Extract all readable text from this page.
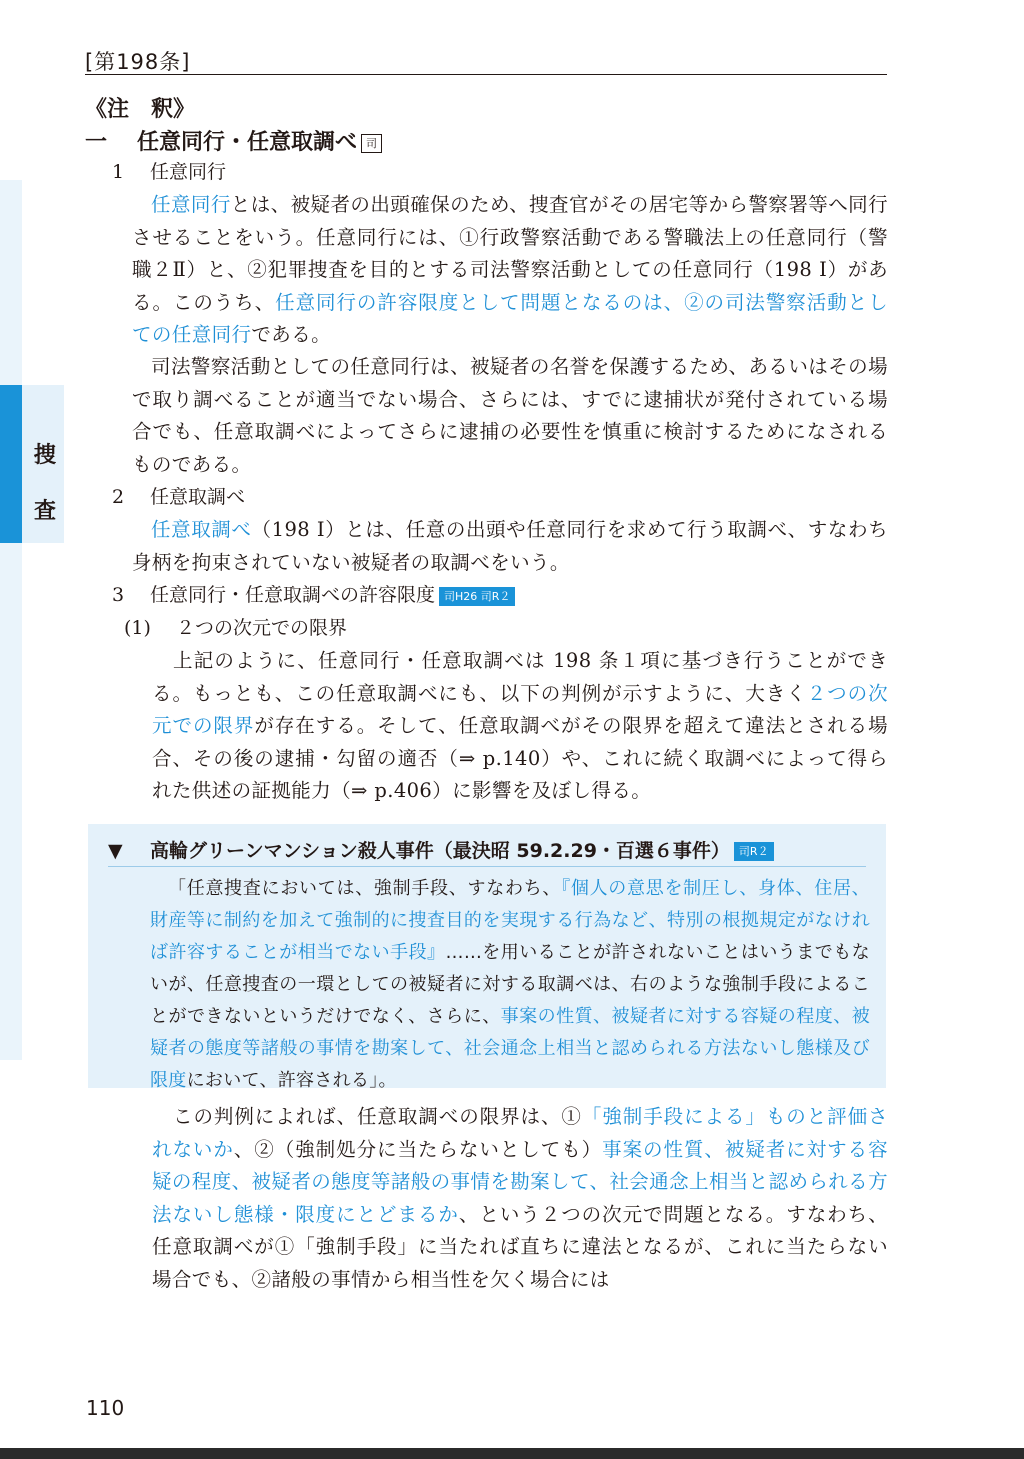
捜
査
[第198条]
《注　釈》
一 任意同行・任意取調べ 司
1 任意同行
任意同行とは、被疑者の出頭確保のため、捜査官がその居宅等から警察署等へ同行させることをいう。任意同行には、①行政警察活動である警職法上の任意同行（警職２Ⅱ）と、②犯罪捜査を目的とする司法警察活動としての任意同行（198 Ⅰ）がある。このうち、任意同行の許容限度として問題となるのは、②の司法警察活動としての任意同行である。
司法警察活動としての任意同行は、被疑者の名誉を保護するため、あるいはその場で取り調べることが適当でない場合、さらには、すでに逮捕状が発付されている場合でも、任意取調べによってさらに逮捕の必要性を慎重に検討するためになされるものである。
2 任意取調べ
任意取調べ（198 Ⅰ）とは、任意の出頭や任意同行を求めて行う取調べ、すなわち身柄を拘束されていない被疑者の取調べをいう。
3 任意同行・任意取調べの許容限度 司H26 司R２
(1) ２つの次元での限界
上記のように、任意同行・任意取調べは 198 条１項に基づき行うことができる。もっとも、この任意取調べにも、以下の判例が示すように、大きく２つの次元での限界が存在する。そして、任意取調べがその限界を超えて違法とされる場合、その後の逮捕・勾留の適否（⇒ p.140）や、これに続く取調べによって得られた供述の証拠能力（⇒ p.406）に影響を及ぼし得る。
▼ 高輪グリーンマンション殺人事件（最決昭 59.2.29・百選６事件） 司R２
「任意捜査においては、強制手段、すなわち、『個人の意思を制圧し、身体、住居、財産等に制約を加えて強制的に捜査目的を実現する行為など、特別の根拠規定がなければ許容することが相当でない手段』……を用いることが許されないことはいうまでもないが、任意捜査の一環としての被疑者に対する取調べは、右のような強制手段によることができないというだけでなく、さらに、事案の性質、被疑者に対する容疑の程度、被疑者の態度等諸般の事情を勘案して、社会通念上相当と認められる方法ないし態様及び限度において、許容される」。
この判例によれば、任意取調べの限界は、①「強制手段による」ものと評価されないか、②（強制処分に当たらないとしても）事案の性質、被疑者に対する容疑の程度、被疑者の態度等諸般の事情を勘案して、社会通念上相当と認められる方法ないし態様・限度にとどまるか、という２つの次元で問題となる。すなわち、任意取調べが①「強制手段」に当たれば直ちに違法となるが、これに当たらない場合でも、②諸般の事情から相当性を欠く場合には
110
